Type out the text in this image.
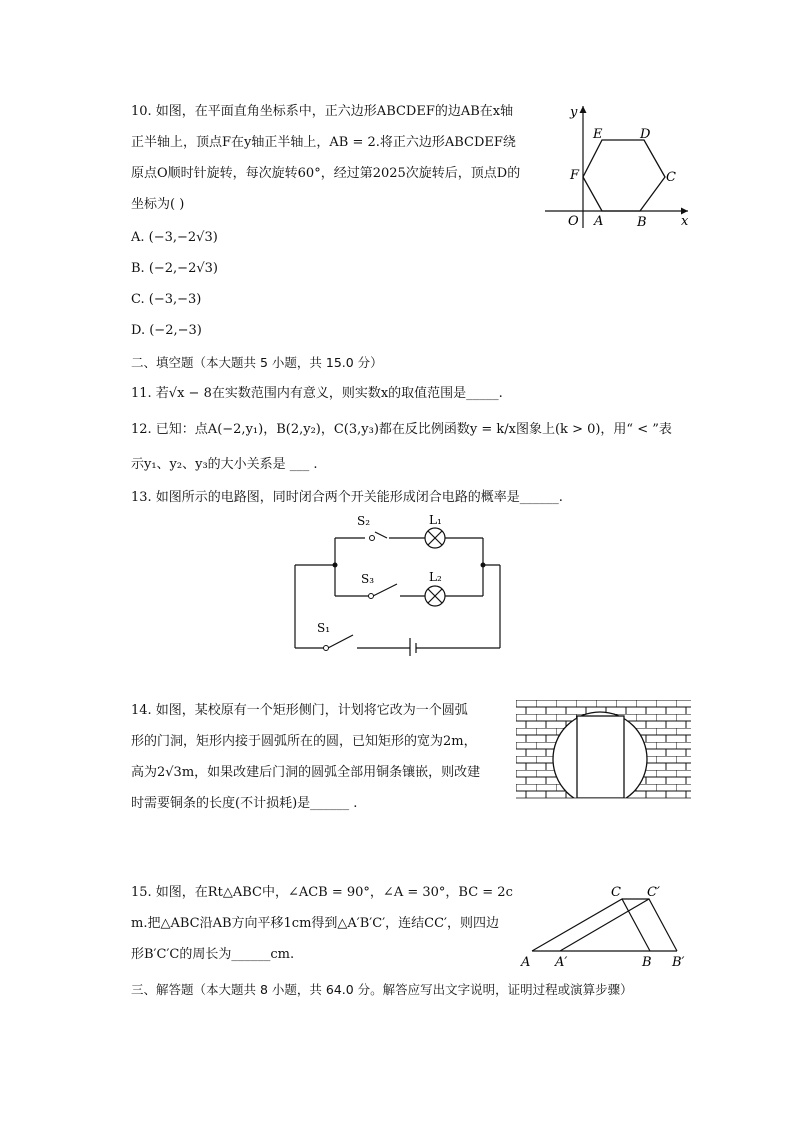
10. 如图，在平面直角坐标系中，正六边形ABCDEF的边AB在x轴
正半轴上，顶点F在y轴正半轴上，AB = 2.将正六边形ABCDEF绕
原点O顺时针旋转，每次旋转60°，经过第2025次旋转后，顶点D的
坐标为( )
A. (−3,−2√3)
B. (−2,−2√3)
C. (−3,−3)
D. (−2,−3)
y
x
O A	B
C
D
E
F
二、填空题（本大题共 5 小题，共 15.0 分）
11. 若√x − 8在实数范围内有意义，则实数x的取值范围是_____.
12. 已知：点A(−2,y₁)，B(2,y₂)，C(3,y₃)都在反比例函数y = k/x图象上(k > 0)，用“ < ”表
示y₁、y₂、y₃的大小关系是 ___ .
13. 如图所示的电路图，同时闭合两个开关能形成闭合电路的概率是______.
S₂	L₁
S₃	L₂
S₁
14. 如图，某校原有一个矩形侧门，计划将它改为一个圆弧
形的门洞，矩形内接于圆弧所在的圆，已知矩形的宽为2m，
高为2√3m，如果改建后门洞的圆弧全部用铜条镶嵌，则改建
时需要铜条的长度(不计损耗)是______ .
15. 如图，在Rt△ABC中，∠ACB = 90°，∠A = 30°，BC = 2c
m.把△ABC沿AB方向平移1cm得到△A′B′C′，连结CC′，则四边
形B′C′C的周长为______cm.
A A′	B B′
C C′
三、解答题（本大题共 8 小题，共 64.0 分。解答应写出文字说明，证明过程或演算步骤）
